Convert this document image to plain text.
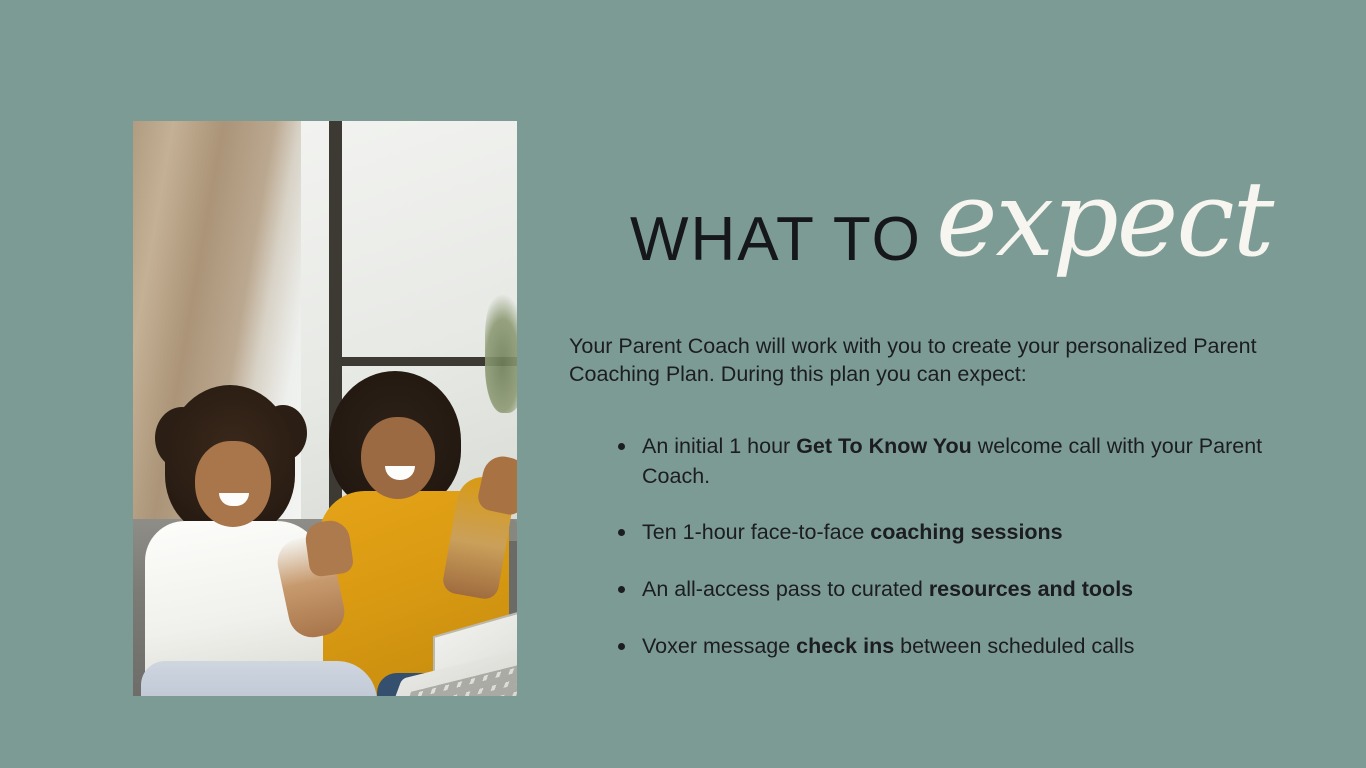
WHAT TO expect

Your Parent Coach will work with you to create your personalized Parent Coaching Plan. During this plan you can expect:

An initial 1 hour Get To Know You welcome call with your Parent Coach.
Ten 1-hour face-to-face coaching sessions
An all-access pass to curated resources and tools
Voxer message check ins between scheduled calls
